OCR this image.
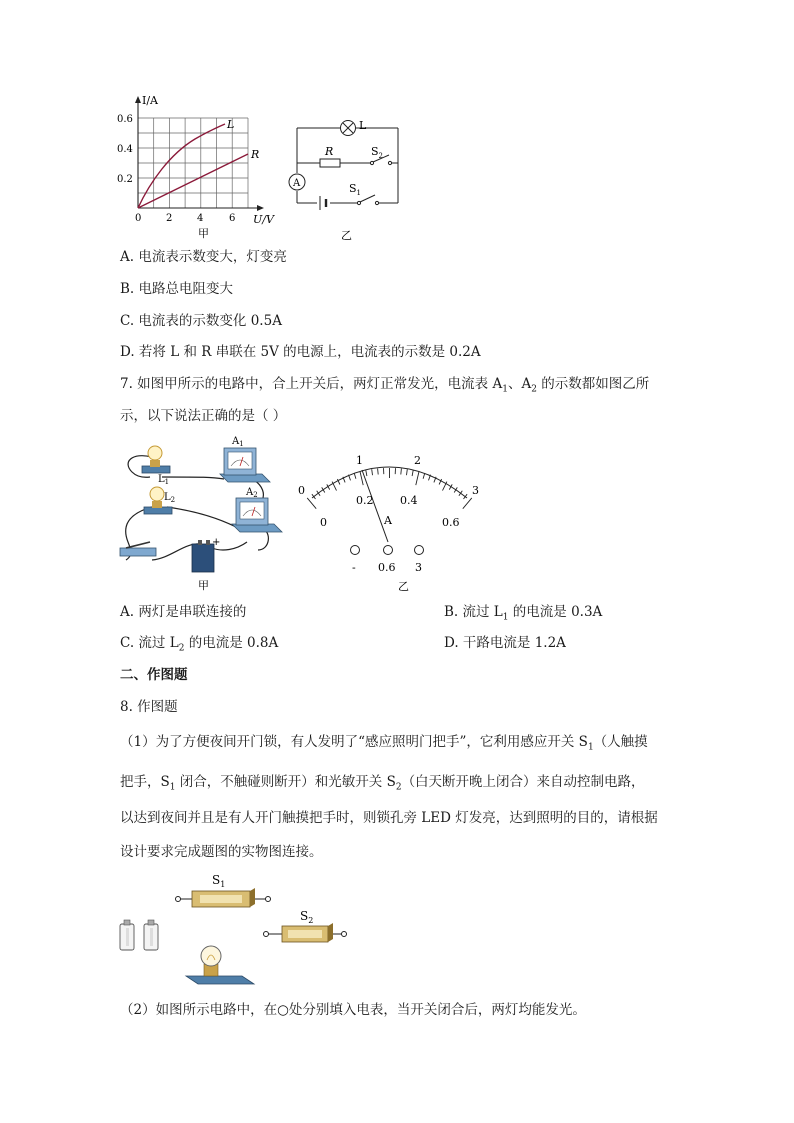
L
R
I/A
0.6
0.4
0.2
0 2 4	6 U/V
甲
A
L
R	$S_2$
$S_1$
乙
A. 电流表示数变大，灯变亮
B. 电路总电阻变大
C. 电流表的示数变化 0.5A
D. 若将 L 和 R 串联在 5V 的电源上，电流表的示数是 0.2A
7. 如图甲所示的电路中，合上开关后，两灯正常发光，电流表 $A_1$、$A_2$ 的示数都如图乙所
示，以下说法正确的是（ ）
$L_1$
$L_2$
$A_1$
$A_2$
+
甲
0
1	2
3
0
0.2 0.4
0.6
A
- 0.6 3
乙
A. 两灯是串联连接的	B. 流过 $L_1$ 的电流是 0.3A
C. 流过 $L_2$ 的电流是 0.8A	D. 干路电流是 1.2A
二、作图题
8. 作图题
（1）为了方便夜间开门锁，有人发明了“感应照明门把手”，它利用感应开关 $S_1$（人触摸
把手，$S_1$ 闭合，不触碰则断开）和光敏开关 $S_2$（白天断开晚上闭合）来自动控制电路，
以达到夜间并且是有人开门触摸把手时，则锁孔旁 LED 灯发亮，达到照明的目的，请根据
设计要求完成题图的实物图连接。
$S_1$
$S_2$
（2）如图所示电路中，在○处分别填入电表，当开关闭合后，两灯均能发光。
